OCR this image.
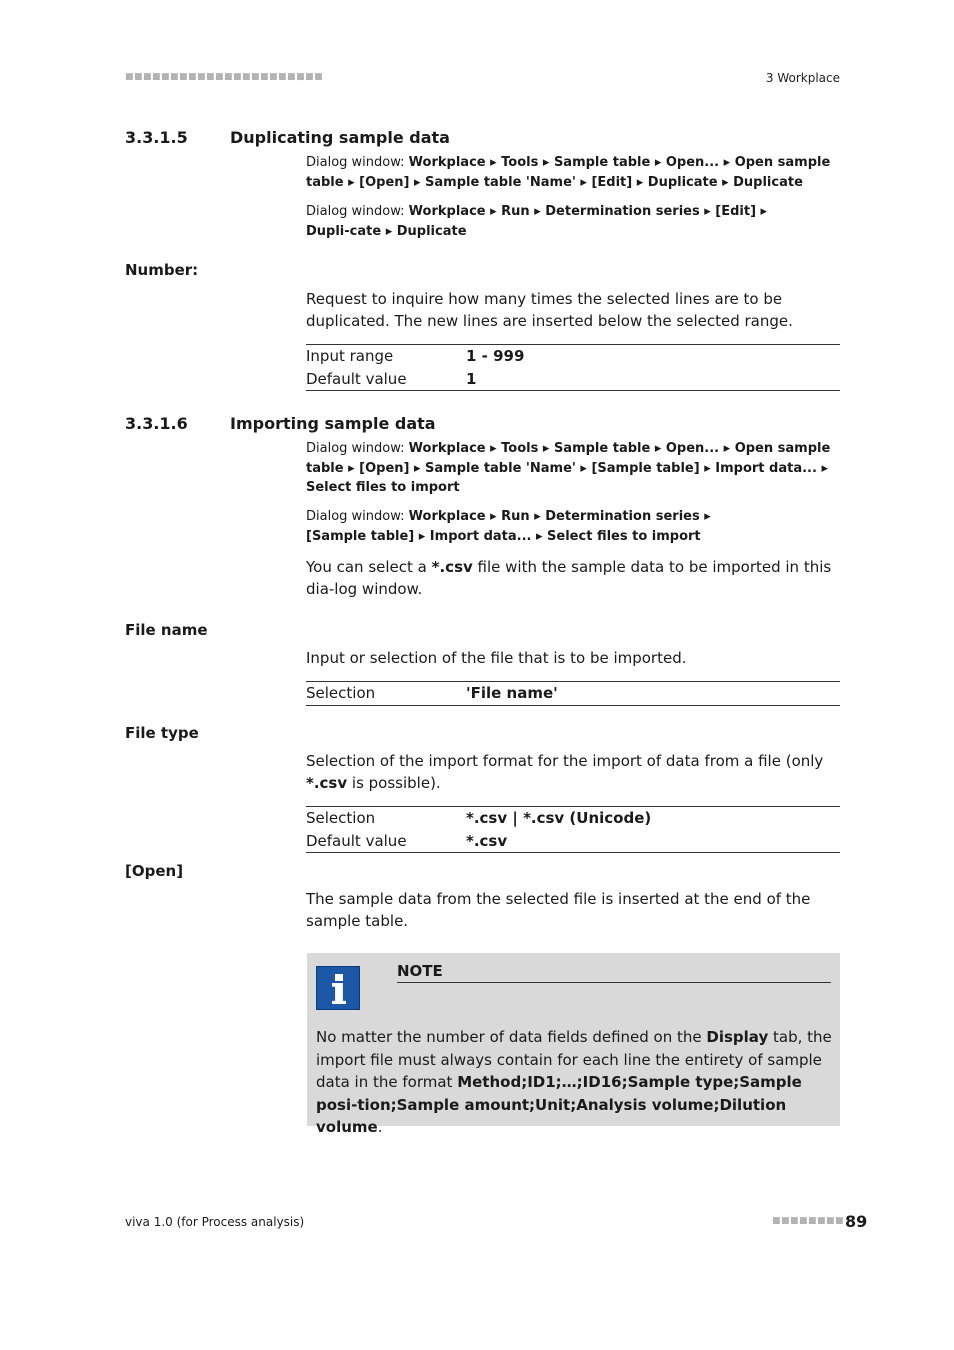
■■■■■■■■■■■■■■■■■■■■■■	3 Workplace
3.3.1.5	Duplicating sample data
Dialog window: Workplace ▸ Tools ▸ Sample table ▸ Open... ▸ Open sample table ▸ [Open] ▸ Sample table 'Name' ▸ [Edit] ▸ Duplicate ▸ Duplicate
Dialog window: Workplace ▸ Run ▸ Determination series ▸ [Edit] ▸ Dupli-cate ▸ Duplicate
Number:
Request to inquire how many times the selected lines are to be duplicated. The new lines are inserted below the selected range.
Input range	1 - 999
Default value	1
3.3.1.6	Importing sample data
Dialog window: Workplace ▸ Tools ▸ Sample table ▸ Open... ▸ Open sample table ▸ [Open] ▸ Sample table 'Name' ▸ [Sample table] ▸ Import data... ▸ Select files to import
Dialog window: Workplace ▸ Run ▸ Determination series ▸ [Sample table] ▸ Import data... ▸ Select files to import
You can select a *.csv file with the sample data to be imported in this dia-log window.
File name
Input or selection of the file that is to be imported.
Selection	'File name'
File type
Selection of the import format for the import of data from a file (only *.csv is possible).
Selection	*.csv | *.csv (Unicode)
Default value	*.csv
[Open]
The sample data from the selected file is inserted at the end of the sample table.
NOTE
No matter the number of data fields defined on the Display tab, the import file must always contain for each line the entirety of sample data in the format Method;ID1;…;ID16;Sample type;Sample posi-tion;Sample amount;Unit;Analysis volume;Dilution volume.
viva 1.0 (for Process analysis)	■■■■■■■■ 89
